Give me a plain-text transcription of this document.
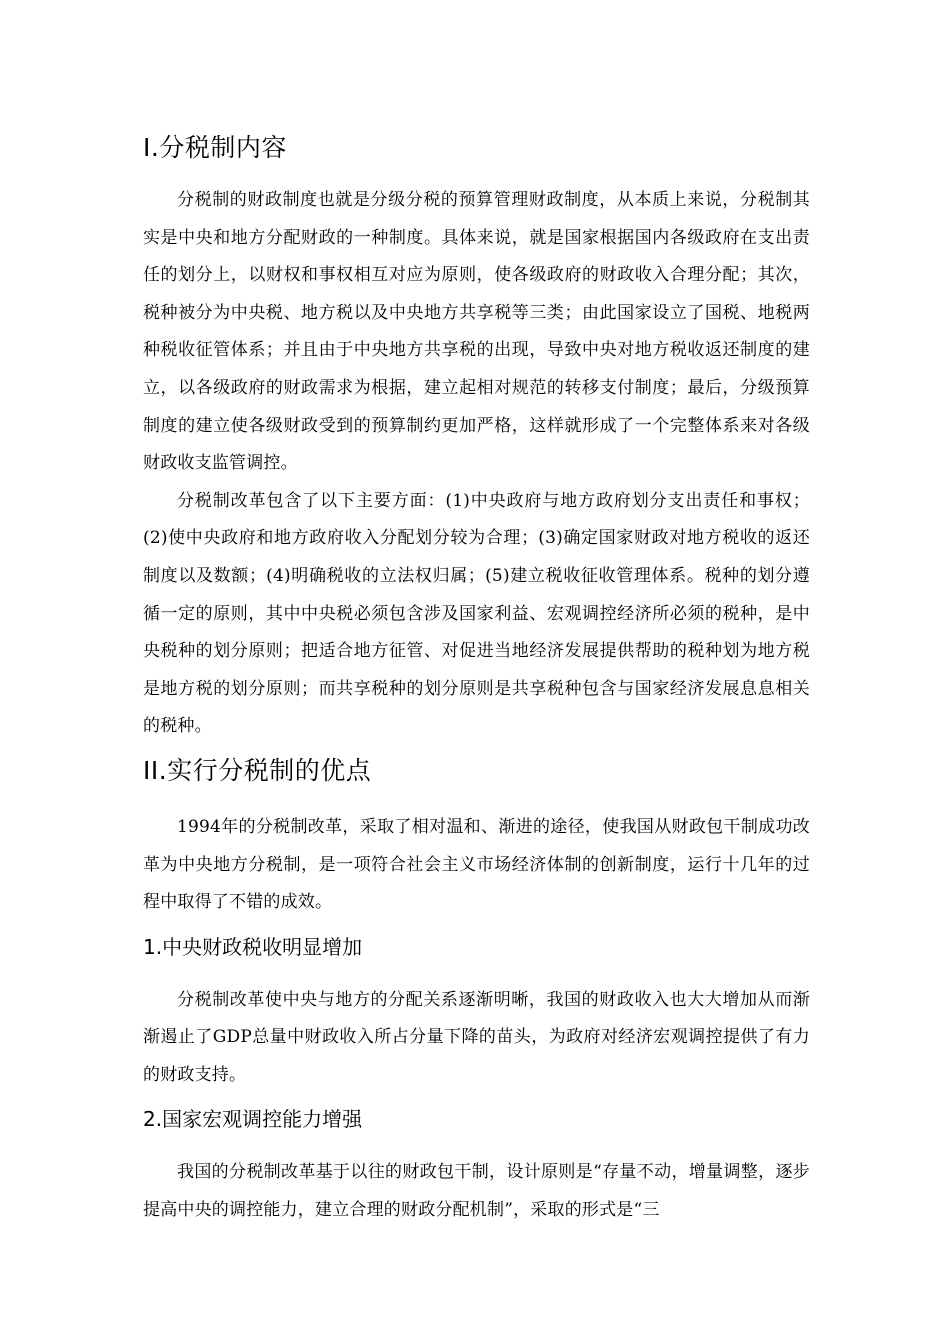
I.分税制内容

分税制的财政制度也就是分级分税的预算管理财政制度，从本质上来说，分税制其实是中央和地方分配财政的一种制度。具体来说，就是国家根据国内各级政府在支出责任的划分上，以财权和事权相互对应为原则，使各级政府的财政收入合理分配；其次，税种被分为中央税、地方税以及中央地方共享税等三类；由此国家设立了国税、地税两种税收征管体系；并且由于中央地方共享税的出现，导致中央对地方税收返还制度的建立，以各级政府的财政需求为根据，建立起相对规范的转移支付制度；最后，分级预算制度的建立使各级财政受到的预算制约更加严格，这样就形成了一个完整体系来对各级财政收支监管调控。

分税制改革包含了以下主要方面：(1)中央政府与地方政府划分支出责任和事权；(2)使中央政府和地方政府收入分配划分较为合理；(3)确定国家财政对地方税收的返还制度以及数额；(4)明确税收的立法权归属；(5)建立税收征收管理体系。税种的划分遵循一定的原则，其中中央税必须包含涉及国家利益、宏观调控经济所必须的税种，是中央税种的划分原则；把适合地方征管、对促进当地经济发展提供帮助的税种划为地方税是地方税的划分原则；而共享税种的划分原则是共享税种包含与国家经济发展息息相关的税种。

II.实行分税制的优点

1994年的分税制改革，采取了相对温和、渐进的途径，使我国从财政包干制成功改革为中央地方分税制，是一项符合社会主义市场经济体制的创新制度，运行十几年的过程中取得了不错的成效。

1.中央财政税收明显增加

分税制改革使中央与地方的分配关系逐渐明晰，我国的财政收入也大大增加从而渐渐遏止了GDP总量中财政收入所占分量下降的苗头，为政府对经济宏观调控提供了有力的财政支持。

2.国家宏观调控能力增强

我国的分税制改革基于以往的财政包干制，设计原则是“存量不动，增量调整，逐步提高中央的调控能力，建立合理的财政分配机制”，采取的形式是“三
